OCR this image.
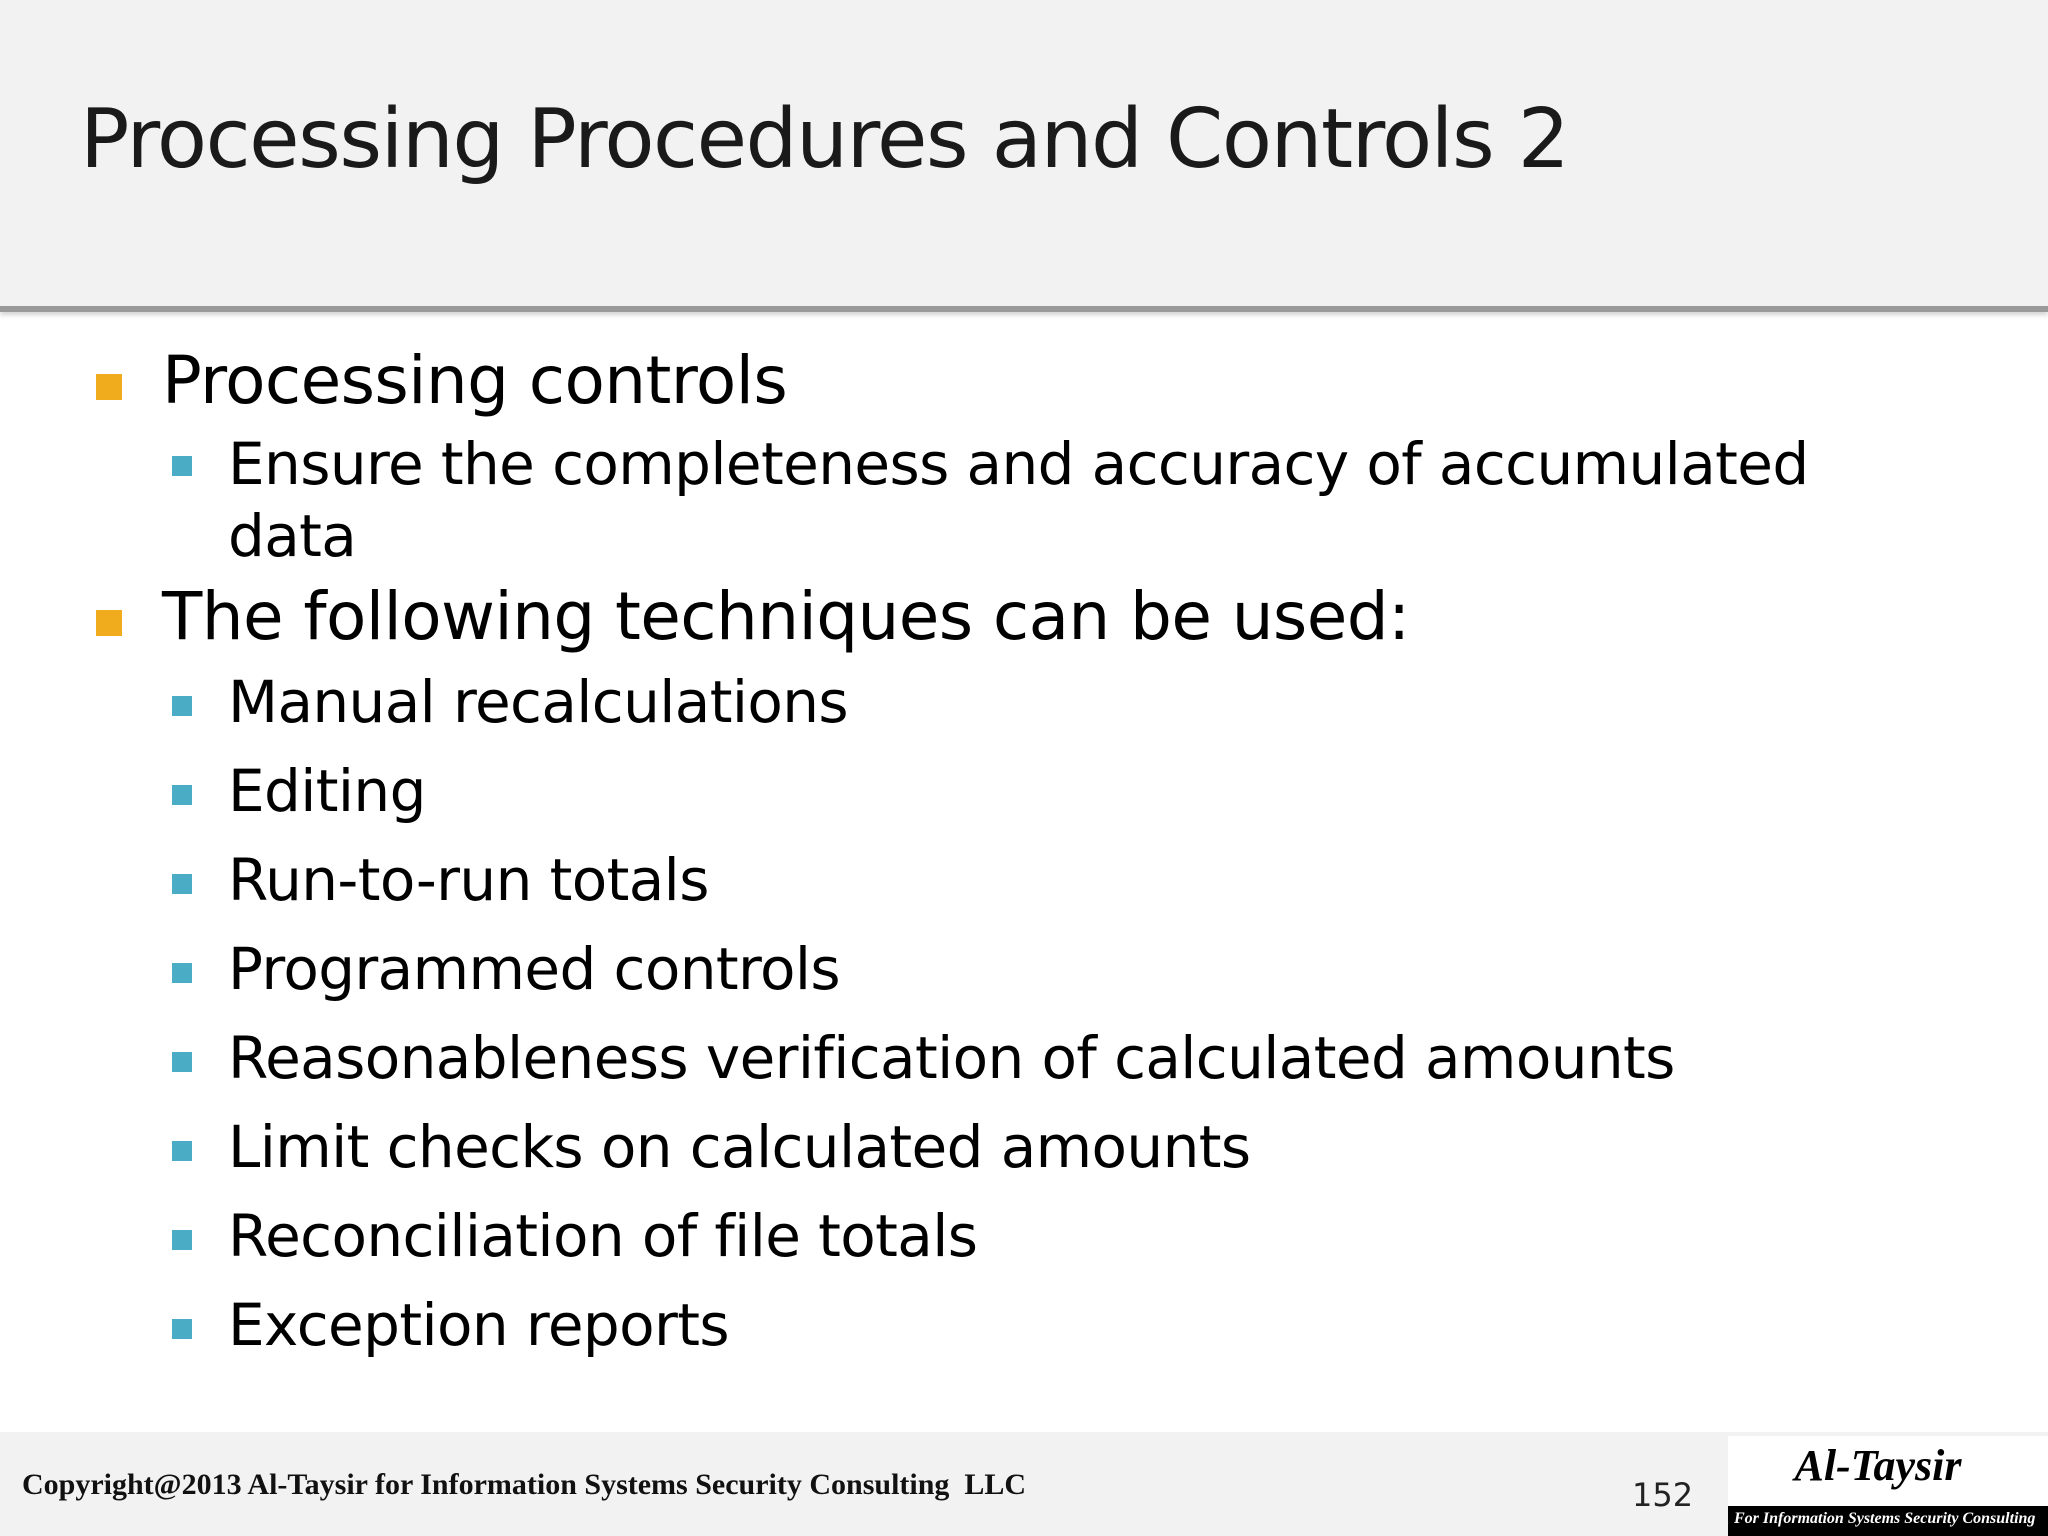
Processing Procedures and Controls 2
Processing controls
Ensure the completeness and accuracy of accumulated data
The following techniques can be used:
Manual recalculations
Editing
Run-to-run totals
Programmed controls
Reasonableness verification of calculated amounts
Limit checks on calculated amounts
Reconciliation of file totals
Exception reports
Copyright@2013 Al-Taysir for Information Systems Security Consulting  LLC	152
Al-Taysir
For Information Systems Security Consulting
